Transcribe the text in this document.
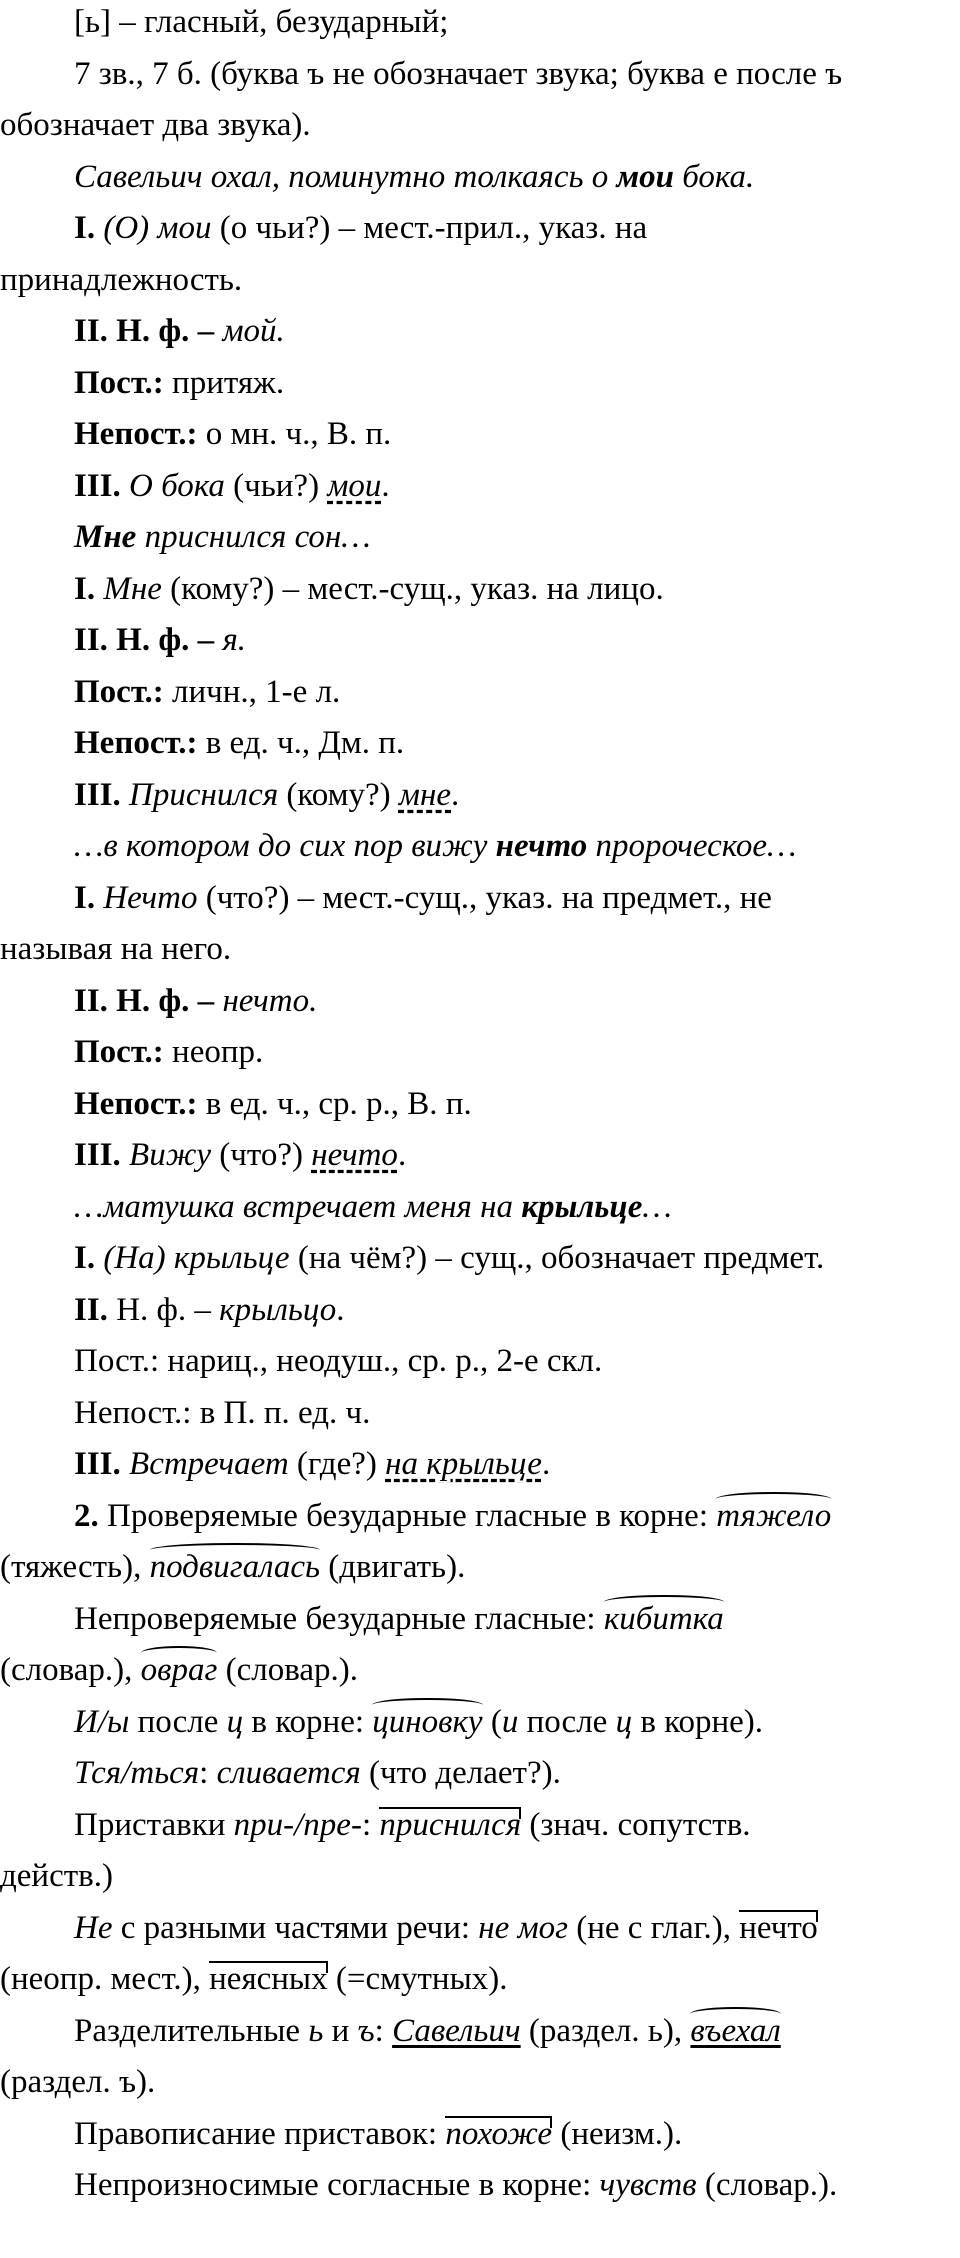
[ь] – гласный, безударный;
7 зв., 7 б. (буква ъ не обозначает звука; буква е после ъ
обозначает два звука).
Савельич охал, поминутно толкаясь о мои бока.
I. (О) мои (о чьи?) – мест.-прил., указ. на
принадлежность.
II. Н. ф. – мой.
Пост.: притяж.
Непост.: о мн. ч., В. п.
III. О бока (чьи?) мои.
Мне приснился сон…
I. Мне (кому?) – мест.-сущ., указ. на лицо.
II. Н. ф. – я.
Пост.: личн., 1-е л.
Непост.: в ед. ч., Дм. п.
III. Приснился (кому?) мне.
…в котором до сих пор вижу нечто пророческое…
I. Нечто (что?) – мест.-сущ., указ. на предмет., не
называя на него.
II. Н. ф. – нечто.
Пост.: неопр.
Непост.: в ед. ч., ср. р., В. п.
III. Вижу (что?) нечто.
…матушка встречает меня на крыльце…
I. (На) крыльце (на чём?) – сущ., обозначает предмет.
II. Н. ф. – крыльцо.
Пост.: нариц., неодуш., ср. р., 2-е скл.
Непост.: в П. п. ед. ч.
III. Встречает (где?) на крыльце.
2. Проверяемые безударные гласные в корне: тяжело
(тяжесть), подвигалась (двигать).
Непроверяемые безударные гласные: кибитка
(словар.), овраг (словар.).
И/ы после ц в корне: циновку (и после ц в корне).
Тся/ться: сливается (что делает?).
Приставки при-/пре-: приснился (знач. сопутств.
действ.)
Не с разными частями речи: не мог (не с глаг.), нечто
(неопр. мест.), неясных (=смутных).
Разделительные ь и ъ: Савельич (раздел. ь), въехал
(раздел. ъ).
Правописание приставок: похоже (неизм.).
Непроизносимые согласные в корне: чувств (словар.).
